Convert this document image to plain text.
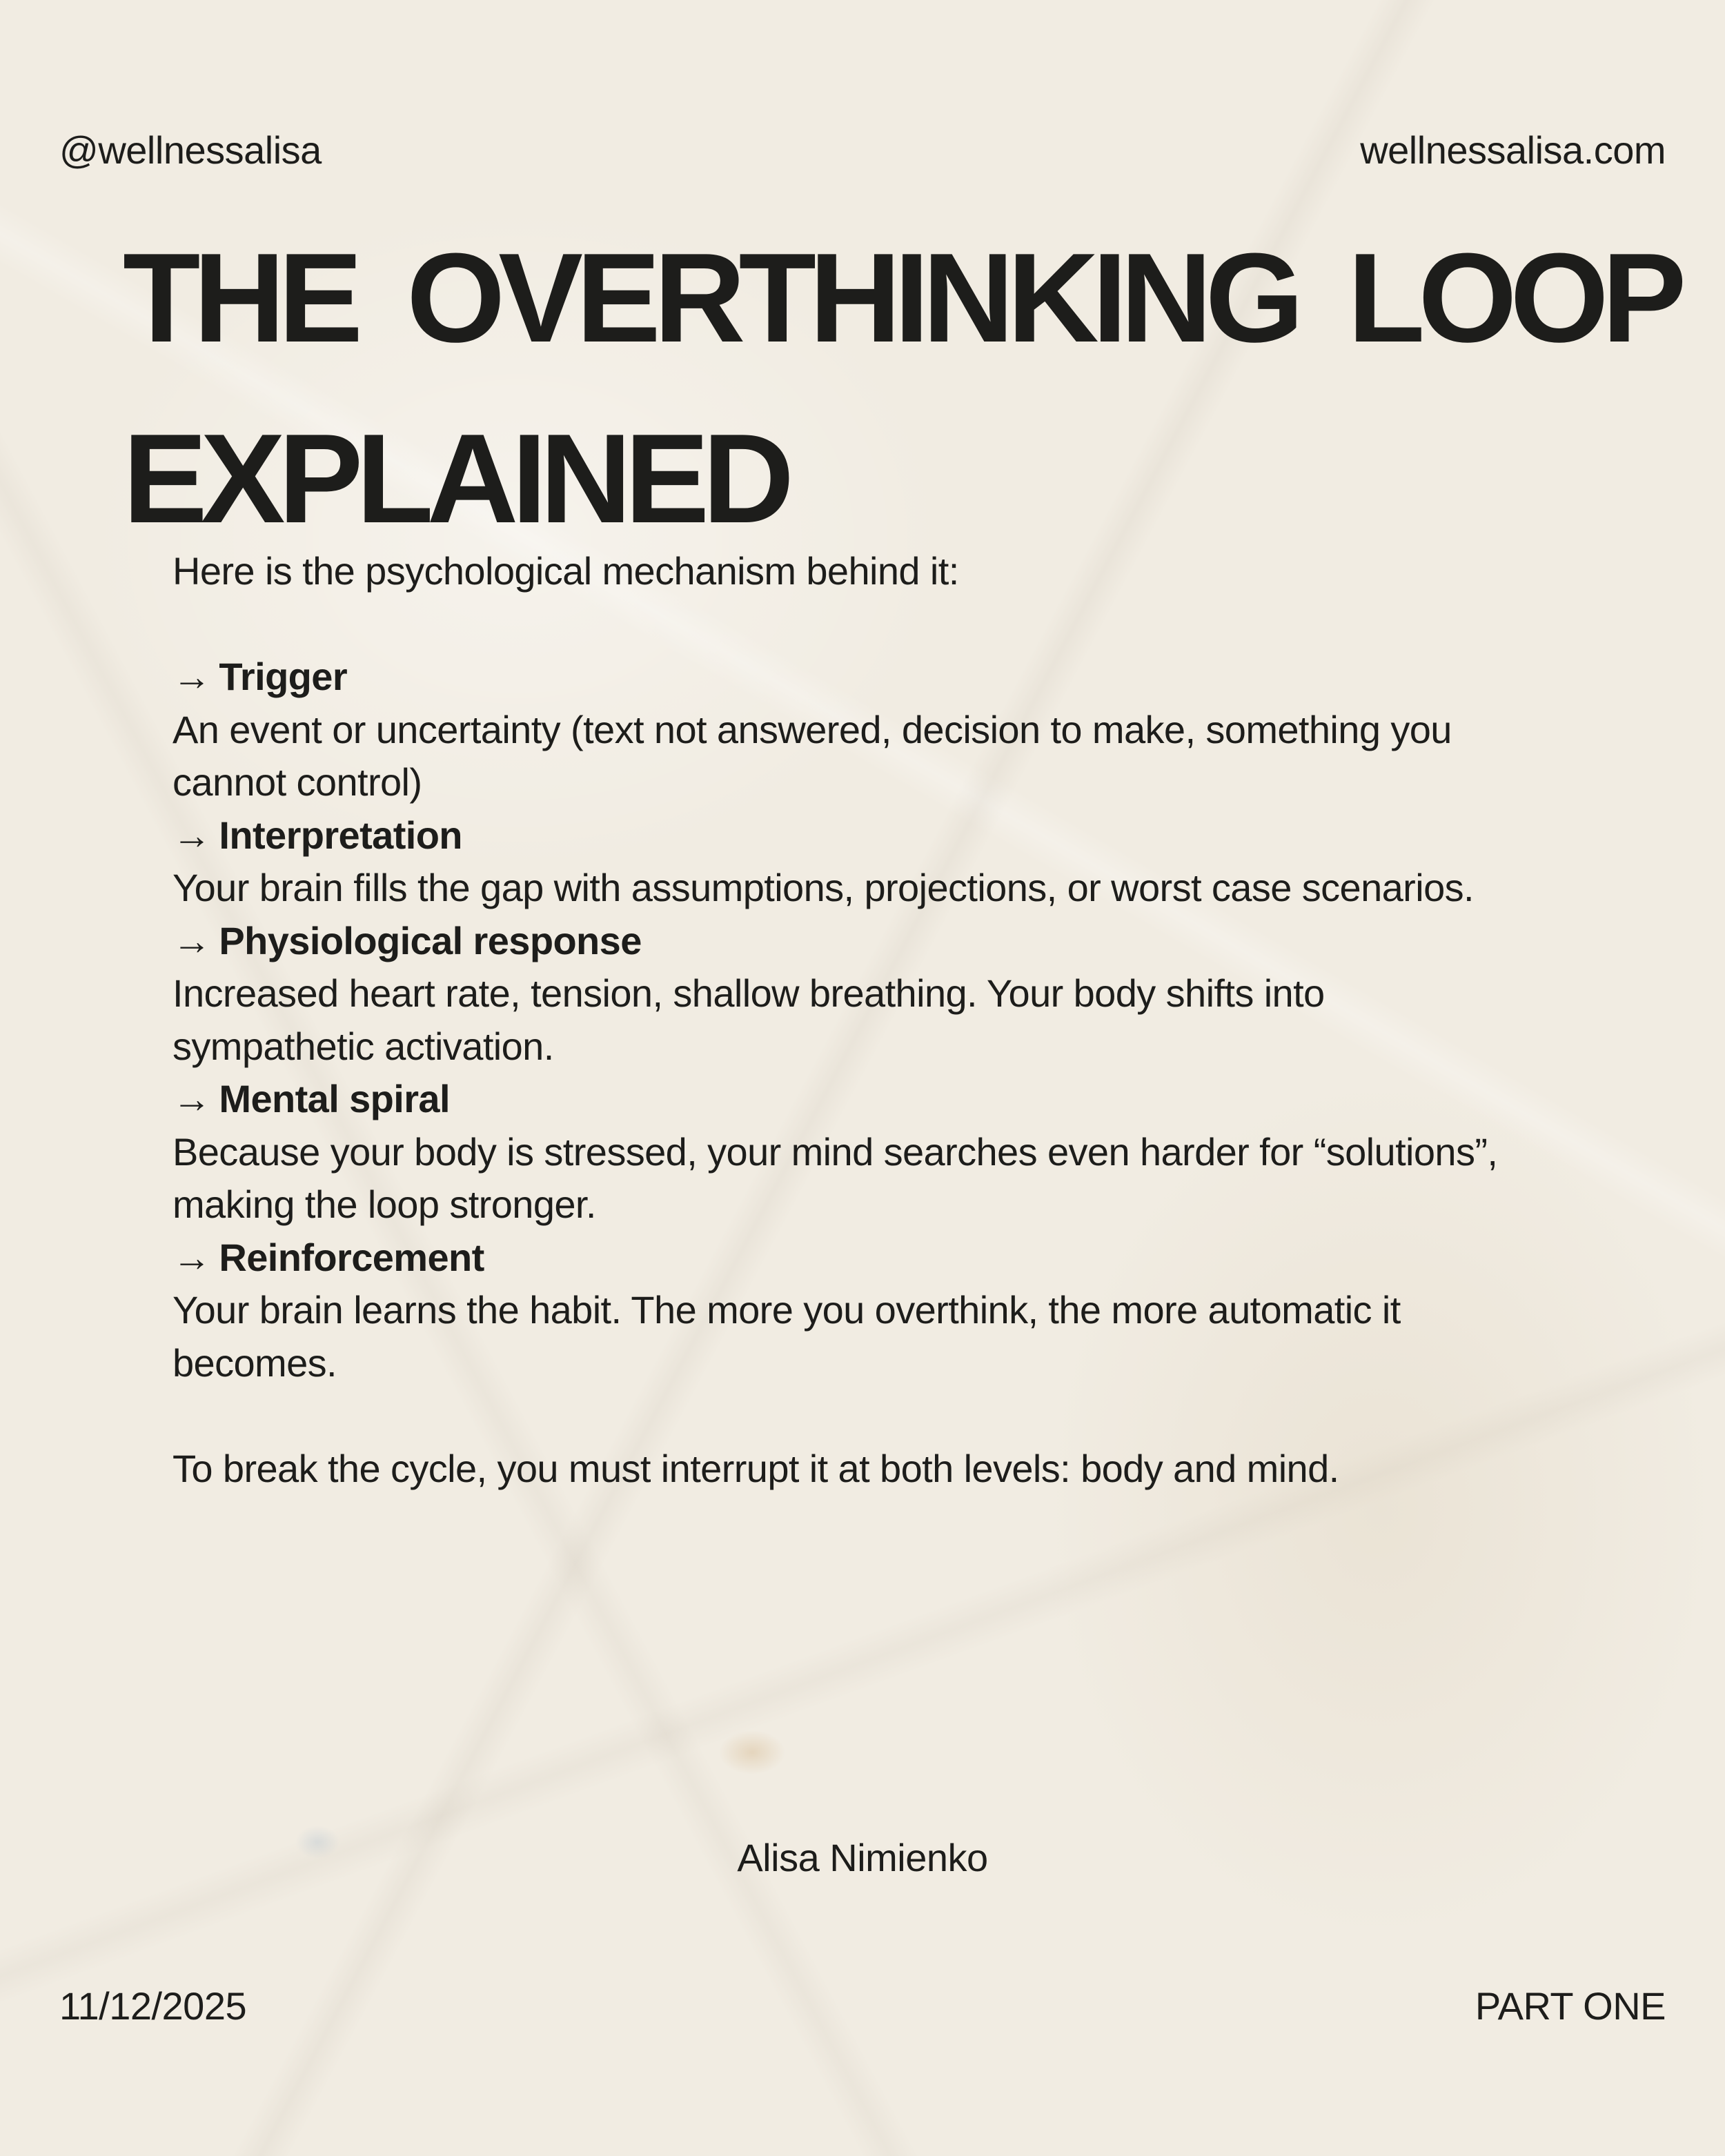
@wellnessalisa	wellnessalisa.com
THE OVERTHINKING LOOP
EXPLAINED

Here is the psychological mechanism behind it:

→ Trigger

An event or uncertainty (text not answered, decision to make, something you

cannot control)

→ Interpretation

Your brain fills the gap with assumptions, projections, or worst case scenarios.

→ Physiological response

Increased heart rate, tension, shallow breathing. Your body shifts into

sympathetic activation.

→ Mental spiral

Because your body is stressed, your mind searches even harder for “solutions”,

making the loop stronger.

→ Reinforcement

Your brain learns the habit. The more you overthink, the more automatic it

becomes.

To break the cycle, you must interrupt it at both levels: body and mind.

Alisa Nimienko
11/12/2025	PART ONE
